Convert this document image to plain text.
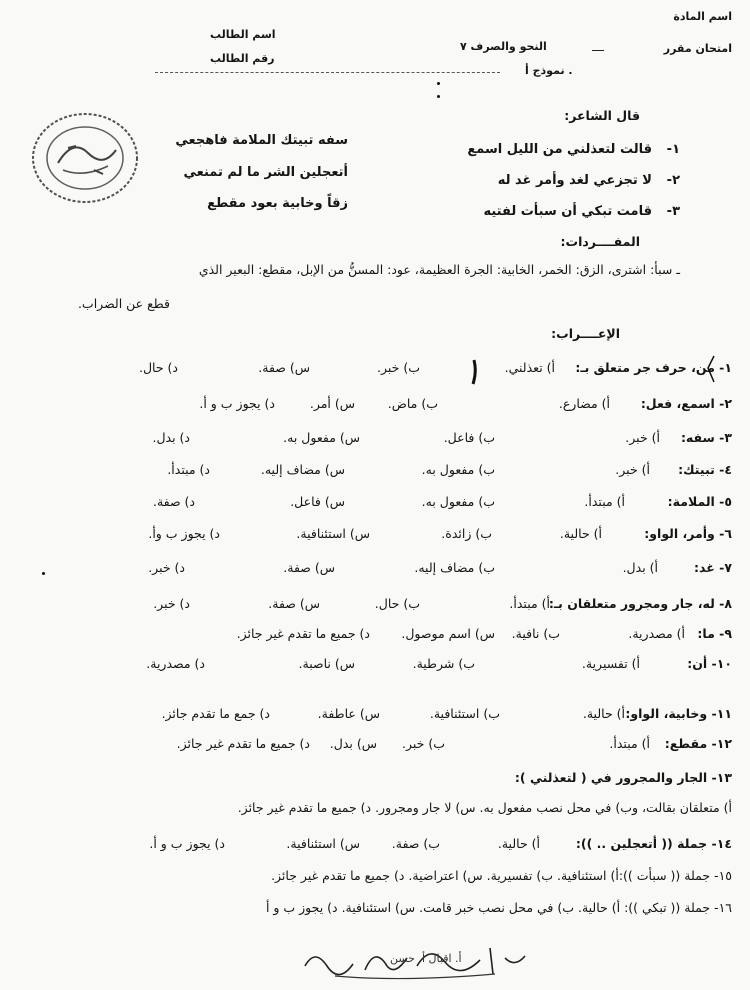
اسم المادة
امتحان مقرر
النحو والصرف ٧
نموذج أ .
اسم الطالب
رقم الطالب
قال الشاعر:
١-
قالت لتعذلني من الليل اسمع
سفه تبيتك الملامة فاهجعي
٢-
لا تجزعي لغد وأمر غد له
أتعجلين الشر ما لم تمنعي
٣-
قامت تبكي أن سبأت لفتيه
زقاً وخابية بعود مقطع
المفــــردات:
ـ سبأ: اشترى، الزق: الخمر، الخابية: الجرة العظيمة، عود: المسنُّ من الإبل، مقطع: البعير الذي
قطع عن الضراب.
الإعــــراب:
١- من، حرف جر متعلق بـ:
أ) تعذلني.
ب) خبر.
س) صفة.
د) حال.
٢- اسمع، فعل:
أ) مضارع.
ب) ماض.
س) أمر.
د) يجوز ب و أ.
٣- سفه:
أ) خبر.
ب) فاعل.
س) مفعول به.
د) بدل.
٤- تبيتك:
أ) خبر.
ب) مفعول به.
س) مضاف إليه.
د) مبتدأ.
٥- الملامة:
أ) مبتدأ.
ب) مفعول به.
س) فاعل.
د) صفة.
٦- وأمر، الواو:
أ) حالية.
ب) زائدة.
س) استئنافية.
د) يجوز ب وأ.
٧- غد:
أ) بدل.
ب) مضاف إليه.
س) صفة.
د) خبر.
٨- له، جار ومجرور متعلقان بـ:
أ) مبتدأ.
ب) حال.
س) صفة.
د) خبر.
٩- ما:
أ) مصدرية.
ب) نافية.
س) اسم موصول.
د) جميع ما تقدم غير جائز.
١٠- أن:
أ) تفسيرية.
ب) شرطية.
س) ناصبة.
د) مصدرية.
١١- وخابية، الواو:
أ) حالية.
ب) استئنافية.
س) عاطفة.
د) جمع ما تقدم جائز.
١٢- مقطع:
أ) مبتدأ.
ب) خبر.
س) بدل.
د) جميع ما تقدم غير جائز.
١٣- الجار والمجرور في ( لتعذلني ):
أ) متعلقان بقالت، وب) في محل نصب مفعول به. س) لا جار ومجرور. د) جميع ما تقدم غير جائز.
١٤- جملة (( أتعجلين .. )):
أ) حالية.
ب) صفة.
س) استئنافية.
د) يجوز ب و أ.
١٥- جملة (( سبأت )):أ) استئنافية. ب) تفسيرية. س) اعتراضية. د) جميع ما تقدم غير جائز.
١٦- جملة (( تبكي )): أ) حالية. ب) في محل نصب خبر قامت. س) استئنافية. د) يجوز ب و أ
أ. اقبال أ. حسن
